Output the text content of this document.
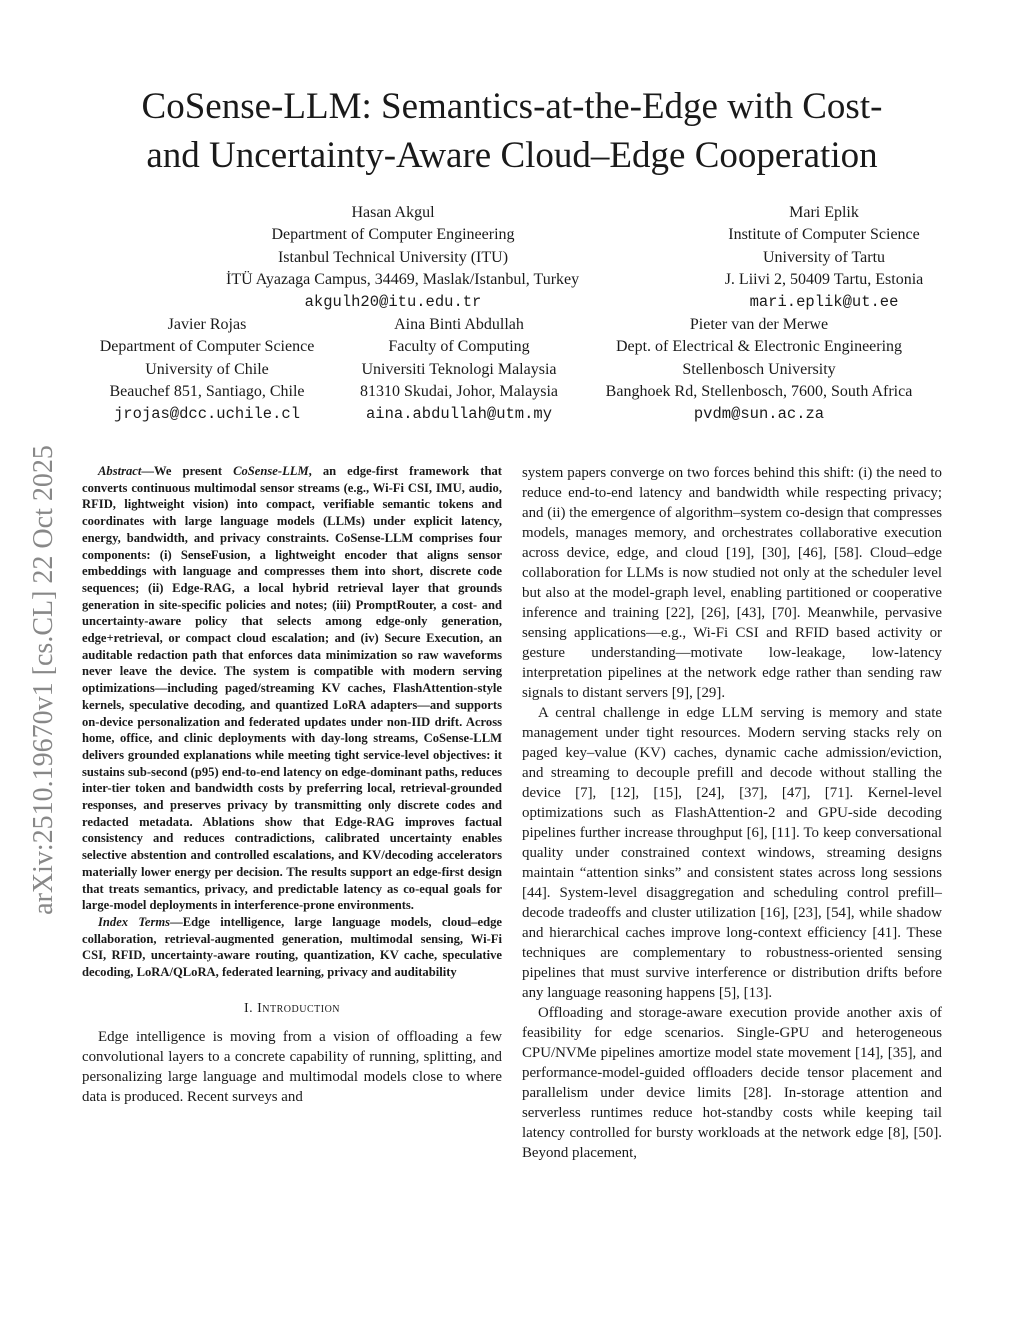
CoSense-LLM: Semantics-at-the-Edge with Cost-
and Uncertainty-Aware Cloud–Edge Cooperation
arXiv:2510.19670v1 [cs.CL] 22 Oct 2025
Hasan Akgul
Department of Computer Engineering
Istanbul Technical University (ITU)
İTÜ Ayazaga Campus, 34469, Maslak/Istanbul, Turkey
akgulh20@itu.edu.tr
Mari Eplik
Institute of Computer Science
University of Tartu
J. Liivi 2, 50409 Tartu, Estonia
mari.eplik@ut.ee
Javier Rojas
Department of Computer Science
University of Chile
Beauchef 851, Santiago, Chile
jrojas@dcc.uchile.cl
Aina Binti Abdullah
Faculty of Computing
Universiti Teknologi Malaysia
81310 Skudai, Johor, Malaysia
aina.abdullah@utm.my
Pieter van der Merwe
Dept. of Electrical & Electronic Engineering
Stellenbosch University
Banghoek Rd, Stellenbosch, 7600, South Africa
pvdm@sun.ac.za

Abstract—We present CoSense-LLM, an edge-first framework that converts continuous multimodal sensor streams (e.g., Wi-Fi CSI, IMU, audio, RFID, lightweight vision) into compact, verifiable semantic tokens and coordinates with large language models (LLMs) under explicit latency, energy, bandwidth, and privacy constraints. CoSense-LLM comprises four components: (i) SenseFusion, a lightweight encoder that aligns sensor embeddings with language and compresses them into short, discrete code sequences; (ii) Edge-RAG, a local hybrid retrieval layer that grounds generation in site-specific policies and notes; (iii) PromptRouter, a cost- and uncertainty-aware policy that selects among edge-only generation, edge+retrieval, or compact cloud escalation; and (iv) Secure Execution, an auditable redaction path that enforces data minimization so raw waveforms never leave the device. The system is compatible with modern serving optimizations—including paged/streaming KV caches, FlashAttention-style kernels, speculative decoding, and quantized LoRA adapters—and supports on-device personalization and federated updates under non-IID drift. Across home, office, and clinic deployments with day-long streams, CoSense-LLM delivers grounded explanations while meeting tight service-level objectives: it sustains sub-second (p95) end-to-end latency on edge-dominant paths, reduces inter-tier token and bandwidth costs by preferring local, retrieval-grounded responses, and preserves privacy by transmitting only discrete codes and redacted metadata. Ablations show that Edge-RAG improves factual consistency and reduces contradictions, calibrated uncertainty enables selective abstention and controlled escalations, and KV/decoding accelerators materially lower energy per decision. The results support an edge-first design that treats semantics, privacy, and predictable latency as co-equal goals for large-model deployments in interference-prone environments.

Index Terms—Edge intelligence, large language models, cloud–edge collaboration, retrieval-augmented generation, multimodal sensing, Wi-Fi CSI, RFID, uncertainty-aware routing, quantization, KV cache, speculative decoding, LoRA/QLoRA, federated learning, privacy and auditability

I. Introduction

Edge intelligence is moving from a vision of offloading a few convolutional layers to a concrete capability of running, splitting, and personalizing large language and multimodal models close to where data is produced. Recent surveys and

system papers converge on two forces behind this shift: (i) the need to reduce end-to-end latency and bandwidth while respecting privacy; and (ii) the emergence of algorithm–system co-design that compresses models, manages memory, and orchestrates collaborative execution across device, edge, and cloud [19], [30], [46], [58]. Cloud–edge collaboration for LLMs is now studied not only at the scheduler level but also at the model-graph level, enabling partitioned or cooperative inference and training [22], [26], [43], [70]. Meanwhile, pervasive sensing applications—e.g., Wi-Fi CSI and RFID based activity or gesture understanding—motivate low-leakage, low-latency interpretation pipelines at the network edge rather than sending raw signals to distant servers [9], [29].

A central challenge in edge LLM serving is memory and state management under tight resources. Modern serving stacks rely on paged key–value (KV) caches, dynamic cache admission/eviction, and streaming to decouple prefill and decode without stalling the device [7], [12], [15], [24], [37], [47], [71]. Kernel-level optimizations such as FlashAttention-2 and GPU-side decoding pipelines further increase throughput [6], [11]. To keep conversational quality under constrained context windows, streaming designs maintain “attention sinks” and consistent states across long sessions [44]. System-level disaggregation and scheduling control prefill–decode tradeoffs and cluster utilization [16], [23], [54], while shadow and hierarchical caches improve long-context efficiency [41]. These techniques are complementary to robustness-oriented sensing pipelines that must survive interference or distribution drifts before any language reasoning happens [5], [13].

Offloading and storage-aware execution provide another axis of feasibility for edge scenarios. Single-GPU and heterogeneous CPU/NVMe pipelines amortize model state movement [14], [35], and performance-model-guided offloaders decide tensor placement and parallelism under device limits [28]. In-storage attention and serverless runtimes reduce hot-standby costs while keeping tail latency controlled for bursty workloads at the network edge [8], [50]. Beyond placement,
